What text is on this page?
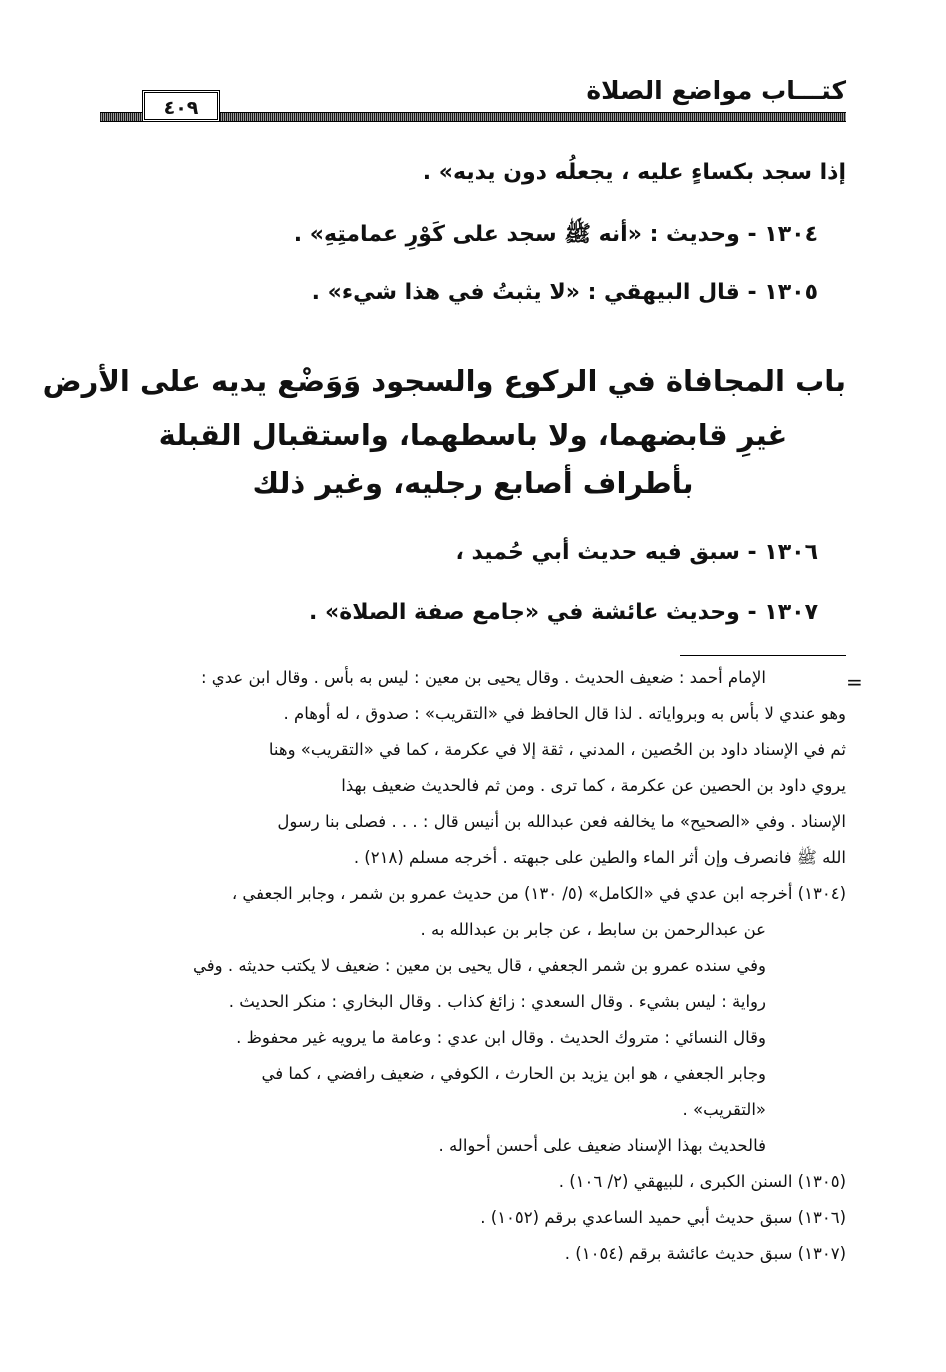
كتـــاب مواضع الصلاة
٤٠٩

إذا سجد بكساءٍ عليه ، يجعلُه دون يديه» .

١٣٠٤ - وحديث : «أنه ﷺ سجد على كَوْرِ عمامتِهِ» .

١٣٠٥ - قال البيهقي : «لا يثبتُ في هذا شيء» .

باب المجافاة في الركوع والسجود وَوَضْع يديه على الأرض
غيرِ قابضهما، ولا باسطهما، واستقبال القبلة
بأطراف أصابع رجليه، وغير ذلك

١٣٠٦ - سبق فيه حديث أبي حُميد ،

١٣٠٧ - وحديث عائشة في «جامع صفة الصلاة» .

=

الإمام أحمد : ضعيف الحديث . وقال يحيى بن معين : ليس به بأس . وقال ابن عدي :

وهو عندي لا بأس به وبرواياته . لذا قال الحافظ في «التقريب» : صدوق ، له أوهام .

ثم في الإسناد داود بن الحُصين ، المدني ، ثقة إلا في عكرمة ، كما في «التقريب» وهنا

يروي داود بن الحصين عن عكرمة ، كما ترى . ومن ثم فالحديث ضعيف بهذا

الإسناد . وفي «الصحيح» ما يخالفه فعن عبدالله بن أنيس قال : . . . فصلى بنا رسول

الله ﷺ فانصرف وإن أثر الماء والطين على جبهته . أخرجه مسلم (٢١٨) .

(١٣٠٤) أخرجه ابن عدي في «الكامل» (٥/ ١٣٠) من حديث عمرو بن شمر ، وجابر الجعفي ،

عن عبدالرحمن بن سابط ، عن جابر بن عبدالله به .

وفي سنده عمرو بن شمر الجعفي ، قال يحيى بن معين : ضعيف لا يكتب حديثه . وفي

رواية : ليس بشيء . وقال السعدي : زائغ كذاب . وقال البخاري : منكر الحديث .

وقال النسائي : متروك الحديث . وقال ابن عدي : وعامة ما يرويه غير محفوظ .

وجابر الجعفي ، هو ابن يزيد بن الحارث ، الكوفي ، ضعيف رافضي ، كما في

«التقريب» .

فالحديث بهذا الإسناد ضعيف على أحسن أحواله .

(١٣٠٥) السنن الكبرى ، للبيهقي (٢/ ١٠٦) .

(١٣٠٦) سبق حديث أبي حميد الساعدي برقم (١٠٥٢) .

(١٣٠٧) سبق حديث عائشة برقم (١٠٥٤) .
